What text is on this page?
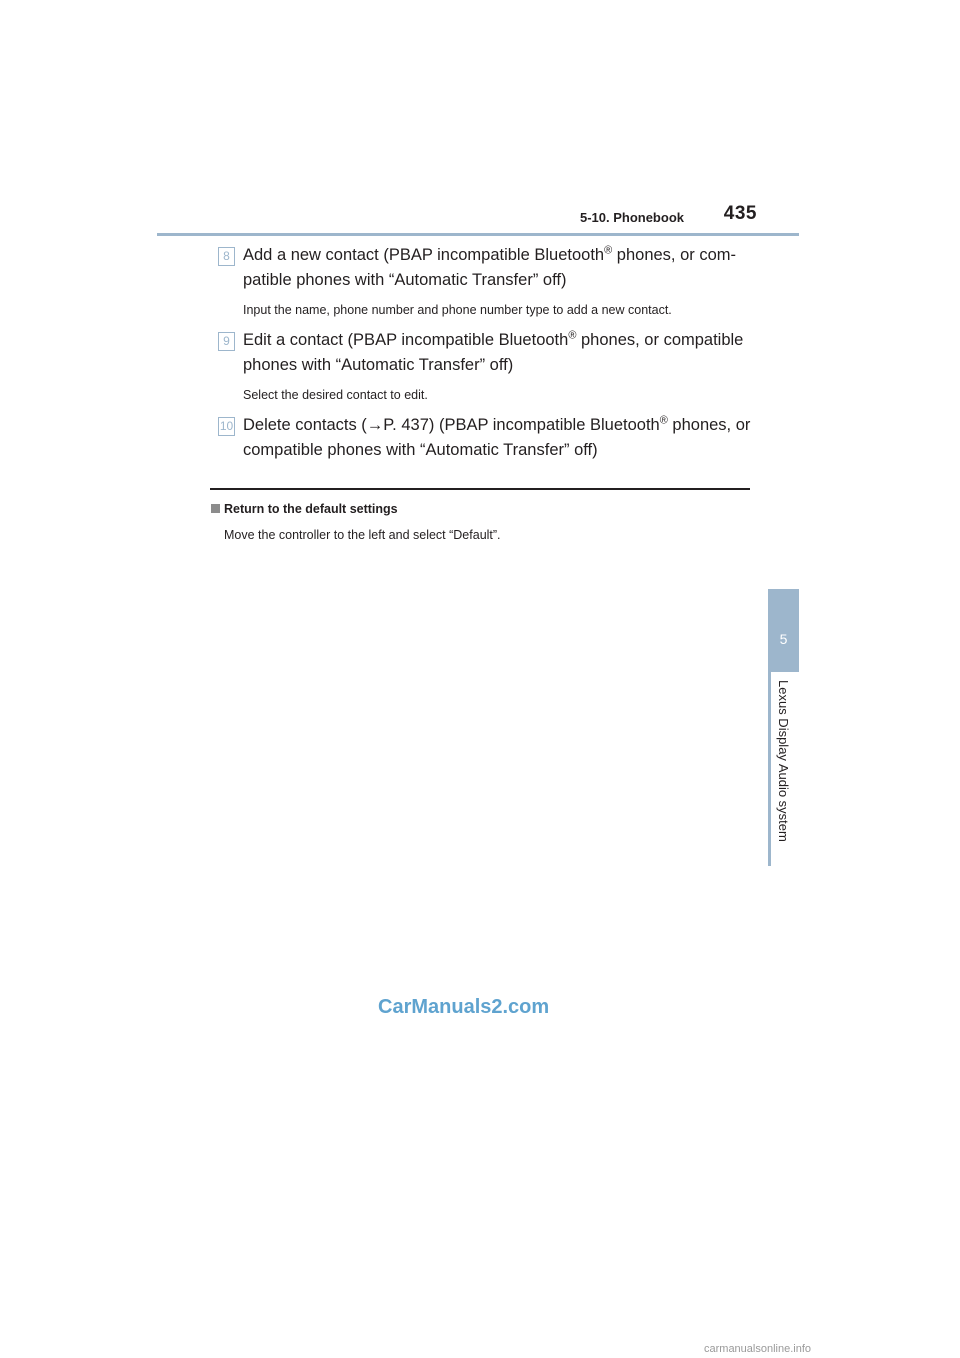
5-10. Phonebook 435
8 Add a new contact (PBAP incompatible Bluetooth® phones, or com-patible phones with “Automatic Transfer” off)
Input the name, phone number and phone number type to add a new contact.
9 Edit a contact (PBAP incompatible Bluetooth® phones, or compatible phones with “Automatic Transfer” off)
Select the desired contact to edit.
10 Delete contacts (→P. 437) (PBAP incompatible Bluetooth® phones, or compatible phones with “Automatic Transfer” off)
Return to the default settings
Move the controller to the left and select “Default”.
5
Lexus Display Audio system
CarManuals2.com
carmanualsonline.info
